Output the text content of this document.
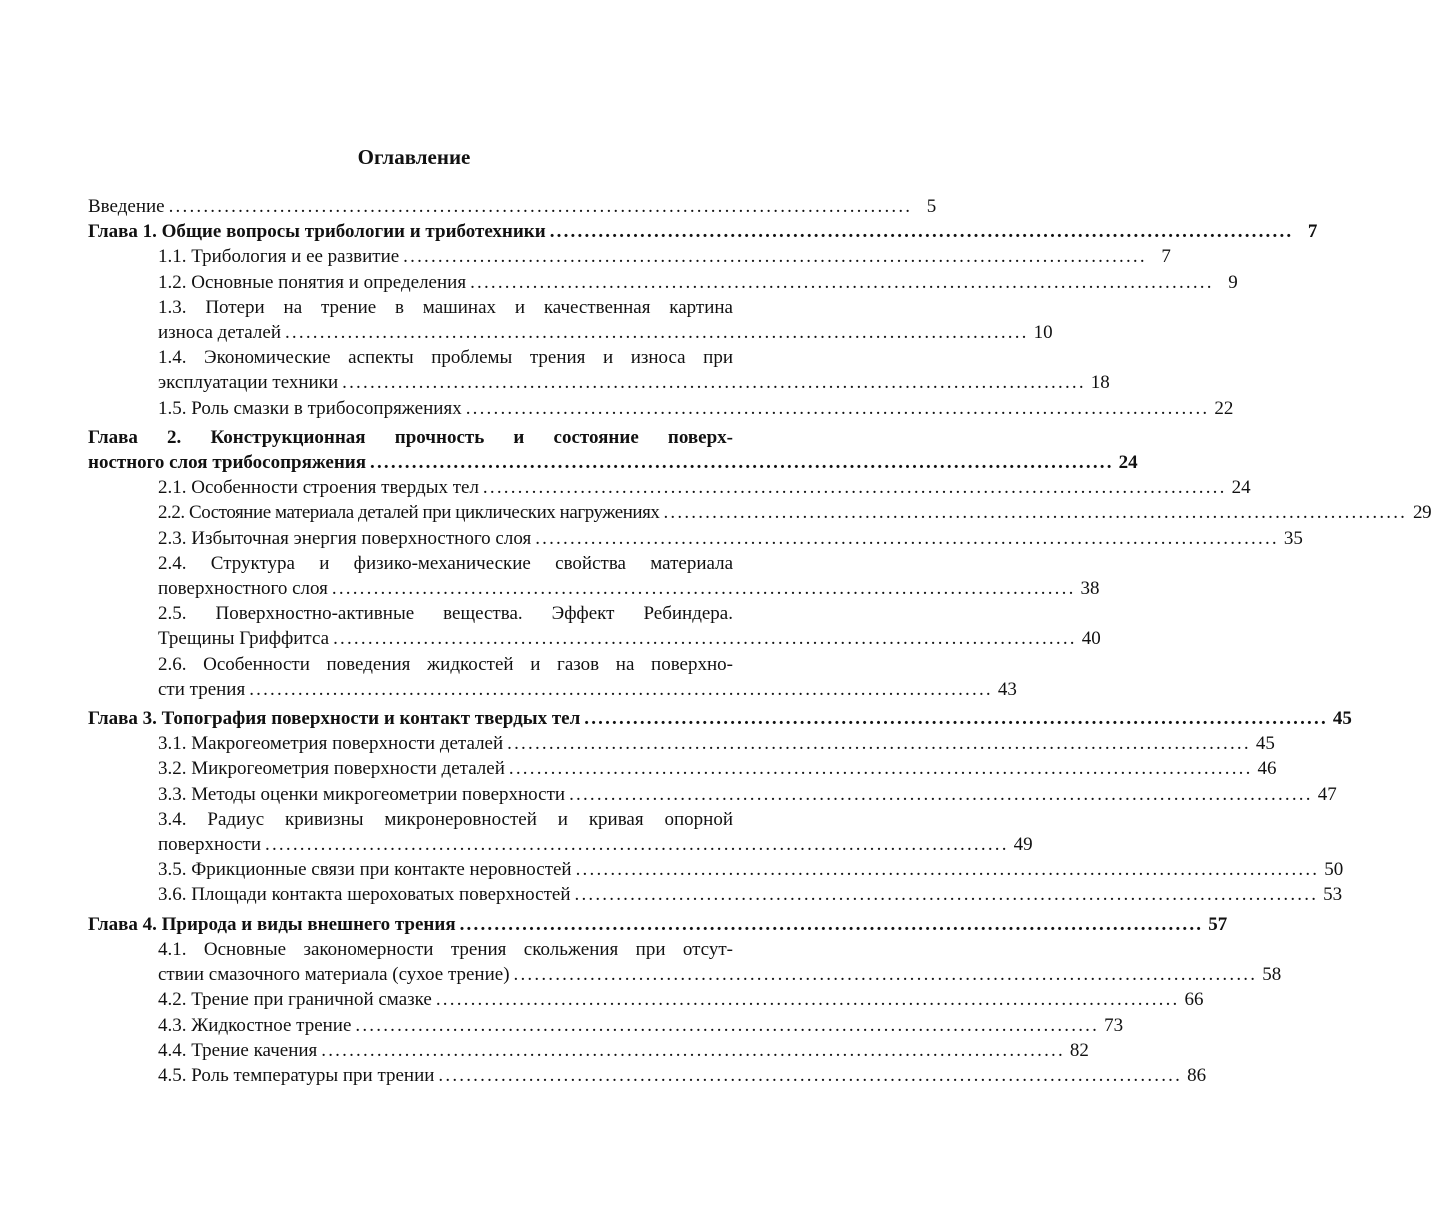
Оглавление
Введение ........................................................................................................... 5
Глава 1. Общие вопросы трибологии и триботехники ........................................................................................................... 7
1.1. Трибология и ее развитие ........................................................................................................... 7
1.2. Основные понятия и определения ........................................................................................................... 9
1.3. Потери на трение в машинах и качественная картина
износа деталей ........................................................................................................... 10
1.4. Экономические аспекты проблемы трения и износа при
эксплуатации техники ........................................................................................................... 18
1.5. Роль смазки в трибосопряжениях ........................................................................................................... 22
Глава 2. Конструкционная прочность и состояние поверх-
ностного слоя трибосопряжения ........................................................................................................... 24
2.1. Особенности строения твердых тел ........................................................................................................... 24
2.2. Состояние материала деталей при циклических нагружениях ........................................................................................................... 29
2.3. Избыточная энергия поверхностного слоя ........................................................................................................... 35
2.4. Структура и физико-механические свойства материала
поверхностного слоя ........................................................................................................... 38
2.5. Поверхностно-активные вещества. Эффект Ребиндера.
Трещины Гриффитса ........................................................................................................... 40
2.6. Особенности поведения жидкостей и газов на поверхно-
сти трения ........................................................................................................... 43
Глава 3. Топография поверхности и контакт твердых тел ........................................................................................................... 45
3.1. Макрогеометрия поверхности деталей ........................................................................................................... 45
3.2. Микрогеометрия поверхности деталей ........................................................................................................... 46
3.3. Методы оценки микрогеометрии поверхности ........................................................................................................... 47
3.4. Радиус кривизны микронеровностей и кривая опорной
поверхности ........................................................................................................... 49
3.5. Фрикционные связи при контакте неровностей ........................................................................................................... 50
3.6. Площади контакта шероховатых поверхностей ........................................................................................................... 53
Глава 4. Природа и виды внешнего трения ........................................................................................................... 57
4.1. Основные закономерности трения скольжения при отсут-
ствии смазочного материала (сухое трение) ........................................................................................................... 58
4.2. Трение при граничной смазке ........................................................................................................... 66
4.3. Жидкостное трение ........................................................................................................... 73
4.4. Трение качения ........................................................................................................... 82
4.5. Роль температуры при трении ........................................................................................................... 86
